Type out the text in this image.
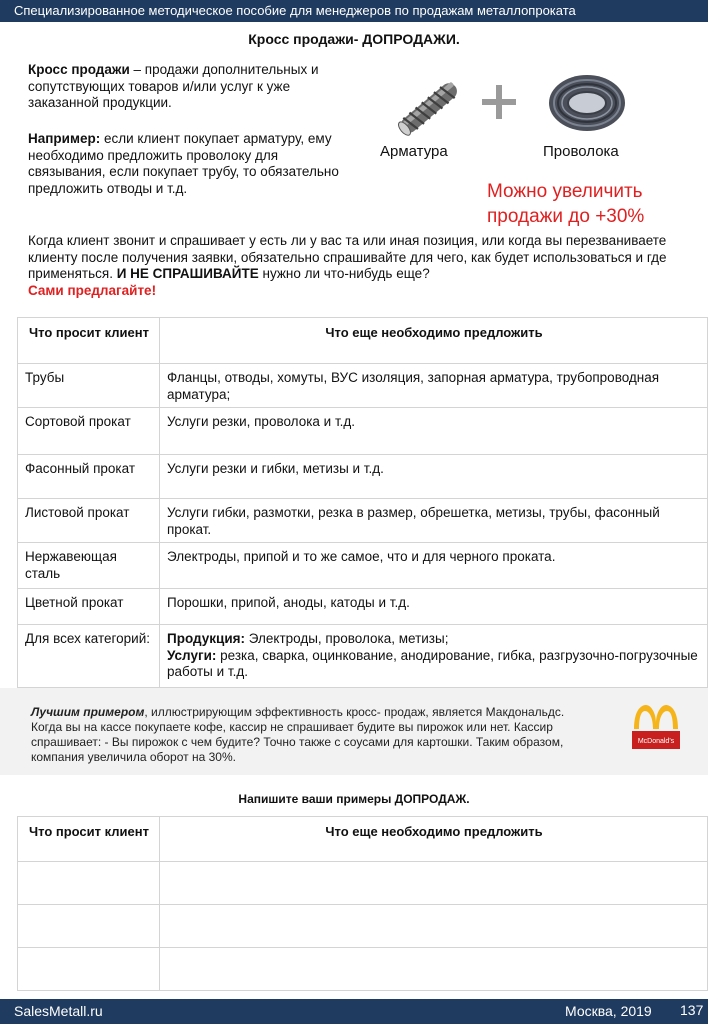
Специализированное методическое пособие для менеджеров по продажам металлопроката
Кросс продажи- ДОПРОДАЖИ.
Кросс продажи – продажи дополнительных и сопутствующих товаров и/или услуг к уже заказанной продукции.
Например: если клиент покупает арматуру, ему необходимо предложить проволоку для связывания, если покупает трубу, то обязательно предложить отводы и т.д.
Арматура	Проволока
Можно увеличить продажи до +30%
Когда клиент звонит и спрашивает у есть ли у вас та или иная позиция, или когда вы перезваниваете клиенту после получения заявки, обязательно спрашивайте для чего, как будет использоваться и где применяться. И НЕ СПРАШИВАЙТЕ нужно ли что-нибудь еще?
Сами предлагайте!
Что просит клиент	Что еще необходимо предложить
Трубы	Фланцы, отводы, хомуты, ВУС изоляция, запорная арматура, трубопроводная арматура;
Сортовой прокат	Услуги резки, проволока и т.д.
Фасонный прокат	Услуги резки и гибки, метизы и т.д.
Листовой прокат	Услуги гибки, размотки, резка в размер, обрешетка, метизы, трубы, фасонный прокат.
Нержавеющая сталь	Электроды, припой и то же самое, что и для черного проката.
Цветной прокат	Порошки, припой, аноды, катоды и т.д.
Для всех категорий:	Продукция: Электроды, проволока, метизы;
Услуги: резка, сварка, оцинкование, анодирование, гибка, разгрузочно-погрузочные работы и т.д.
Лучшим примером, иллюстрирующим эффективность кросс- продаж, является Макдональдс. Когда вы на кассе покупаете кофе, кассир не спрашивает будите вы пирожок или нет. Кассир спрашивает: - Вы пирожок с чем будите? Точно также с соусами для картошки. Таким образом, компания увеличила оборот на 30%.
McDonald's
Напишите ваши примеры ДОПРОДАЖ.
Что просит клиент	Что еще необходимо предложить

SalesMetall.ru	Москва, 2019 137
